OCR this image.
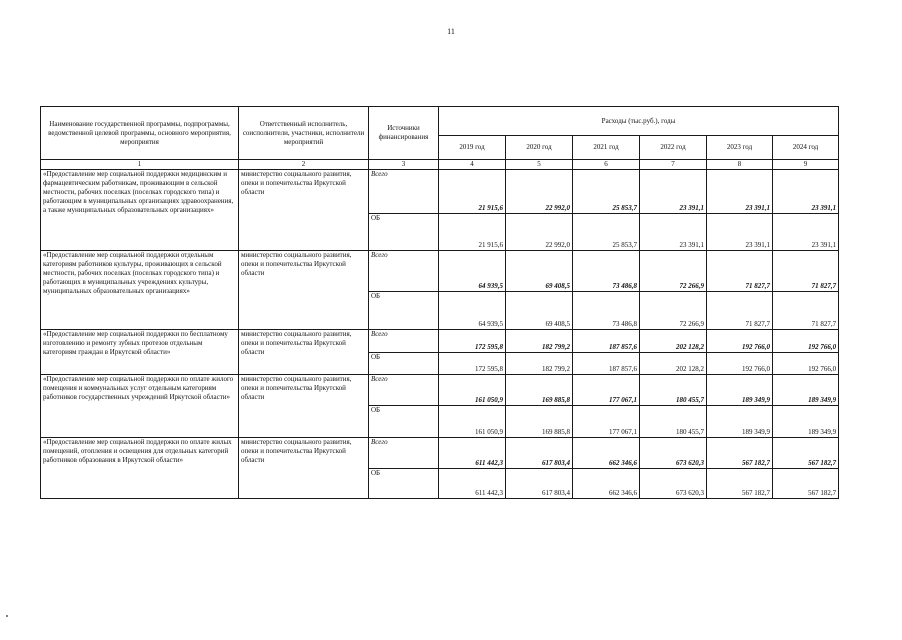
11
Наименование государственной программы, подпрограммы, ведомственной целевой программы, основного мероприятия, мероприятия	Ответственный исполнитель, соисполнители, участники, исполнители мероприятий	Источники финансирования	Расходы (тыс.руб.), годы					
			2019 год	2020 год	2021 год	2022 год	2023 год	2024 год
1	2	3	4	5	6	7	8	9
«Предоставление мер социальной поддержки медицинским и фармацевтическим работникам, проживающим в сельской местности, рабочих поселках (поселках городского типа) и работающим в муниципальных организациях здравоохранения, а также муниципальных образовательных организациях»	министерство социального развития, опеки и попечительства Иркутской области	Всего	21 915,6	22 992,0	25 853,7	23 391,1	23 391,1	23 391,1
		ОБ	21 915,6	22 992,0	25 853,7	23 391,1	23 391,1	23 391,1
«Предоставление мер социальной поддержки отдельным категориям работников культуры, проживающих в сельской местности, рабочих поселках (поселках городского типа) и работающих в муниципальных учреждениях культуры, муниципальных образовательных организациях»	министерство социального развития, опеки и попечительства Иркутской области	Всего	64 939,5	69 408,5	73 486,8	72 266,9	71 827,7	71 827,7
		ОБ	64 939,5	69 408,5	73 486,8	72 266,9	71 827,7	71 827,7
«Предоставление мер социальной поддержки по бесплатному изготовлению и ремонту зубных протезов отдельным категориям граждан в Иркутской области»	министерство социального развития, опеки и попечительства Иркутской области	Всего	172 595,8	182 799,2	187 857,6	202 128,2	192 766,0	192 766,0
		ОБ	172 595,8	182 799,2	187 857,6	202 128,2	192 766,0	192 766,0
«Предоставление мер социальной поддержки по оплате жилого помещения и коммунальных услуг отдельным категориям работников государственных учреждений Иркутской области»	министерство социального развития, опеки и попечительства Иркутской области	Всего	161 050,9	169 885,8	177 067,1	180 455,7	189 349,9	189 349,9
		ОБ	161 050,9	169 885,8	177 067,1	180 455,7	189 349,9	189 349,9
«Предоставление мер социальной поддержки по оплате жилых помещений, отопления и освещения для отдельных категорий работников образования в Иркутской области»	министерство социального развития, опеки и попечительства Иркутской области	Всего	611 442,3	617 803,4	662 346,6	673 620,3	567 182,7	567 182,7
		ОБ	611 442,3	617 803,4	662 346,6	673 620,3	567 182,7	567 182,7
